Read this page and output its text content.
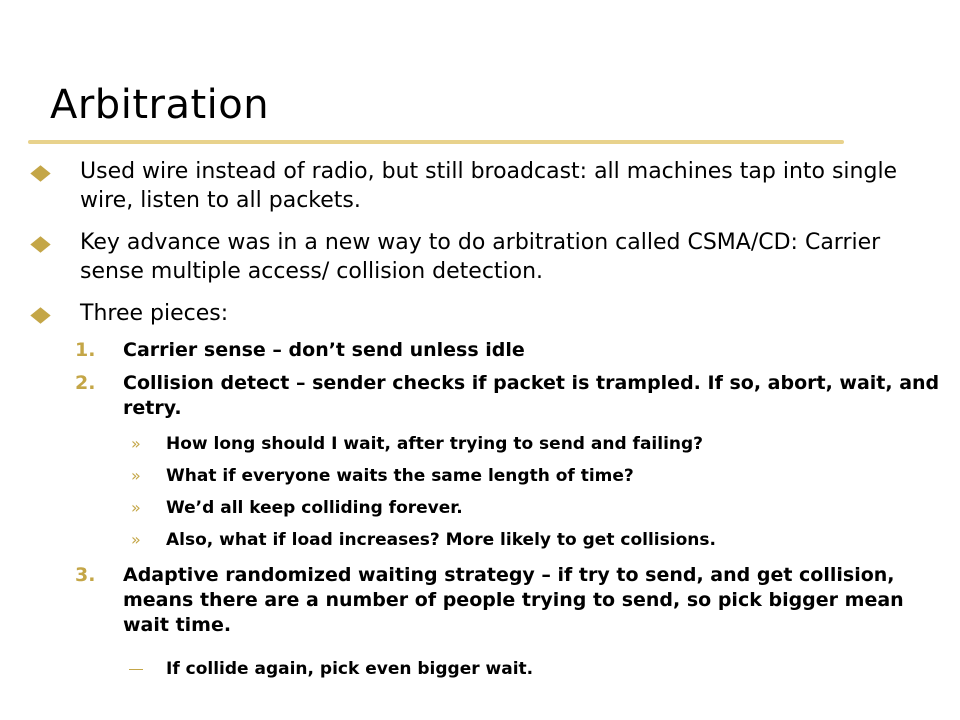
Arbitration
Used wire instead of radio, but still broadcast: all machines tap into single wire, listen to all packets.
Key advance was in a new way to do arbitration called CSMA/CD: Carrier sense multiple access/ collision detection.
Three pieces:
1. Carrier sense – don’t send unless idle
2. Collision detect – sender checks if packet is trampled. If so, abort, wait, and retry.
» How long should I wait, after trying to send and failing?
» What if everyone waits the same length of time?
» We’d all keep colliding forever.
» Also, what if load increases? More likely to get collisions.
3. Adaptive randomized waiting strategy – if try to send, and get collision, means there are a number of people trying to send, so pick bigger mean wait time.
If collide again, pick even bigger wait.
